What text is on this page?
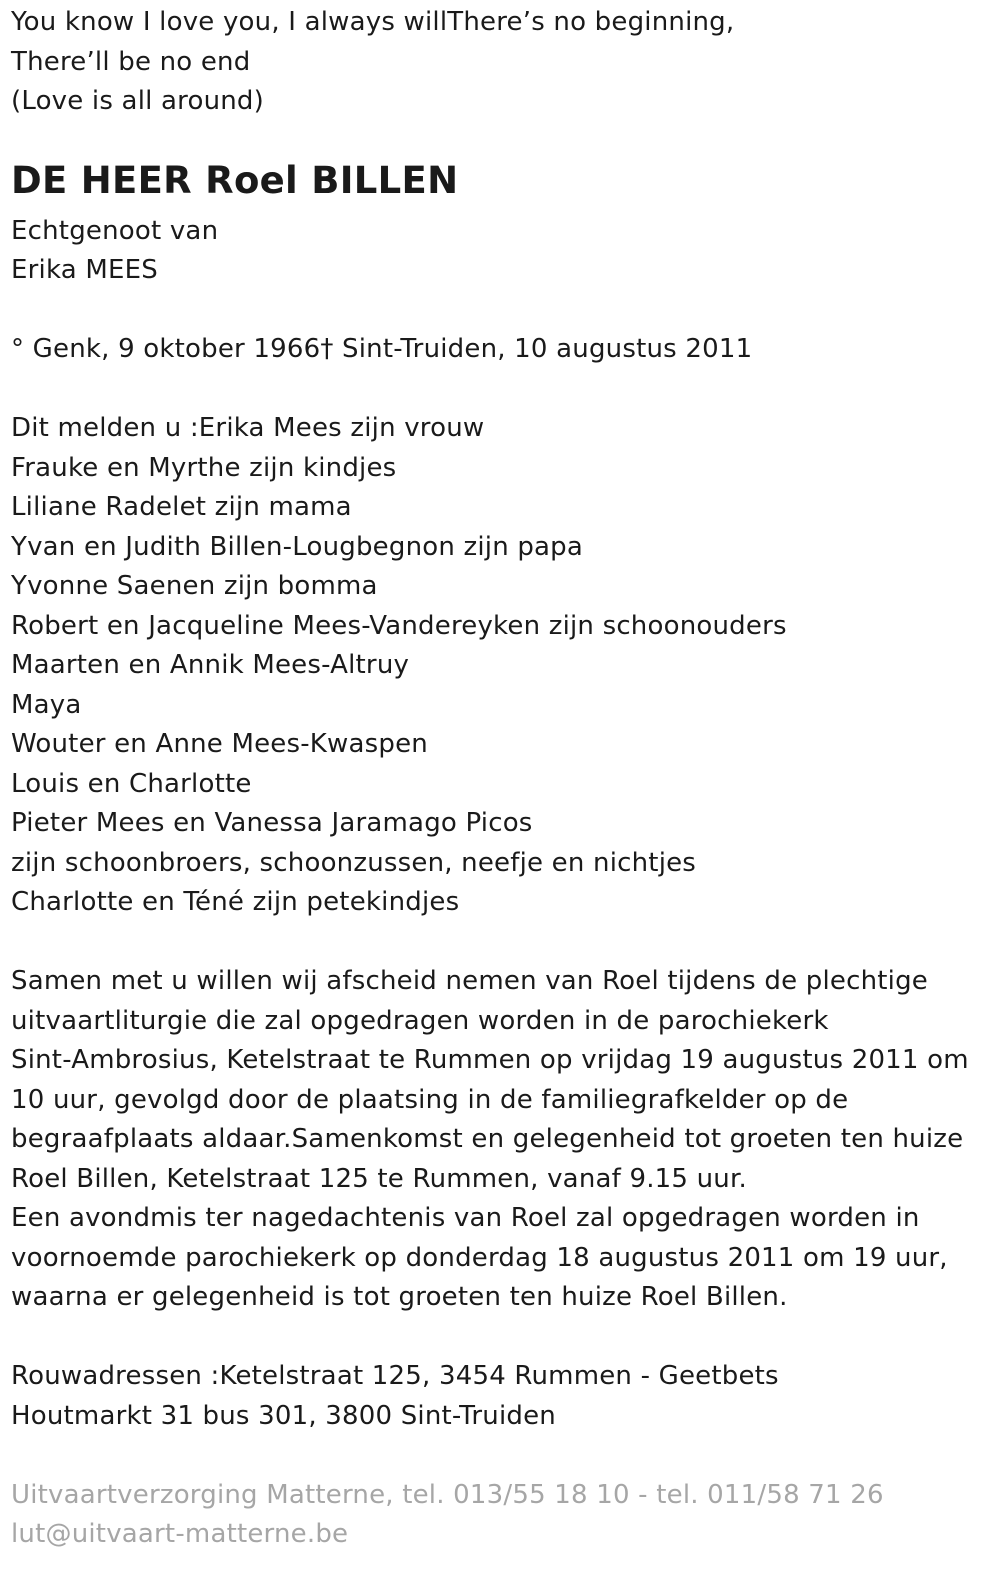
You know I love you, I always willThere’s no beginning,
There’ll be no end
(Love is all around)
DE HEER Roel BILLEN
Echtgenoot van
Erika MEES
° Genk, 9 oktober 1966† Sint-Truiden, 10 augustus 2011
Dit melden u :Erika Mees zijn vrouw
Frauke en Myrthe zijn kindjes
Liliane Radelet zijn mama
Yvan en Judith Billen-Lougbegnon zijn papa
Yvonne Saenen zijn bomma
Robert en Jacqueline Mees-Vandereyken zijn schoonouders
Maarten en Annik Mees-Altruy
Maya
Wouter en Anne Mees-Kwaspen
Louis en Charlotte
Pieter Mees en Vanessa Jaramago Picos
zijn schoonbroers, schoonzussen, neefje en nichtjes
Charlotte en Téné zijn petekindjes
Samen met u willen wij afscheid nemen van Roel tijdens de plechtige
uitvaartliturgie die zal opgedragen worden in de parochiekerk
Sint-Ambrosius, Ketelstraat te Rummen op vrijdag 19 augustus 2011 om
10 uur, gevolgd door de plaatsing in de familiegrafkelder op de
begraafplaats aldaar.Samenkomst en gelegenheid tot groeten ten huize
Roel Billen, Ketelstraat 125 te Rummen, vanaf 9.15 uur.
Een avondmis ter nagedachtenis van Roel zal opgedragen worden in
voornoemde parochiekerk op donderdag 18 augustus 2011 om 19 uur,
waarna er gelegenheid is tot groeten ten huize Roel Billen.
Rouwadressen :Ketelstraat 125, 3454 Rummen - Geetbets
Houtmarkt 31 bus 301, 3800 Sint-Truiden
Uitvaartverzorging Matterne, tel. 013/55 18 10 - tel. 011/58 71 26
lut@uitvaart-matterne.be
